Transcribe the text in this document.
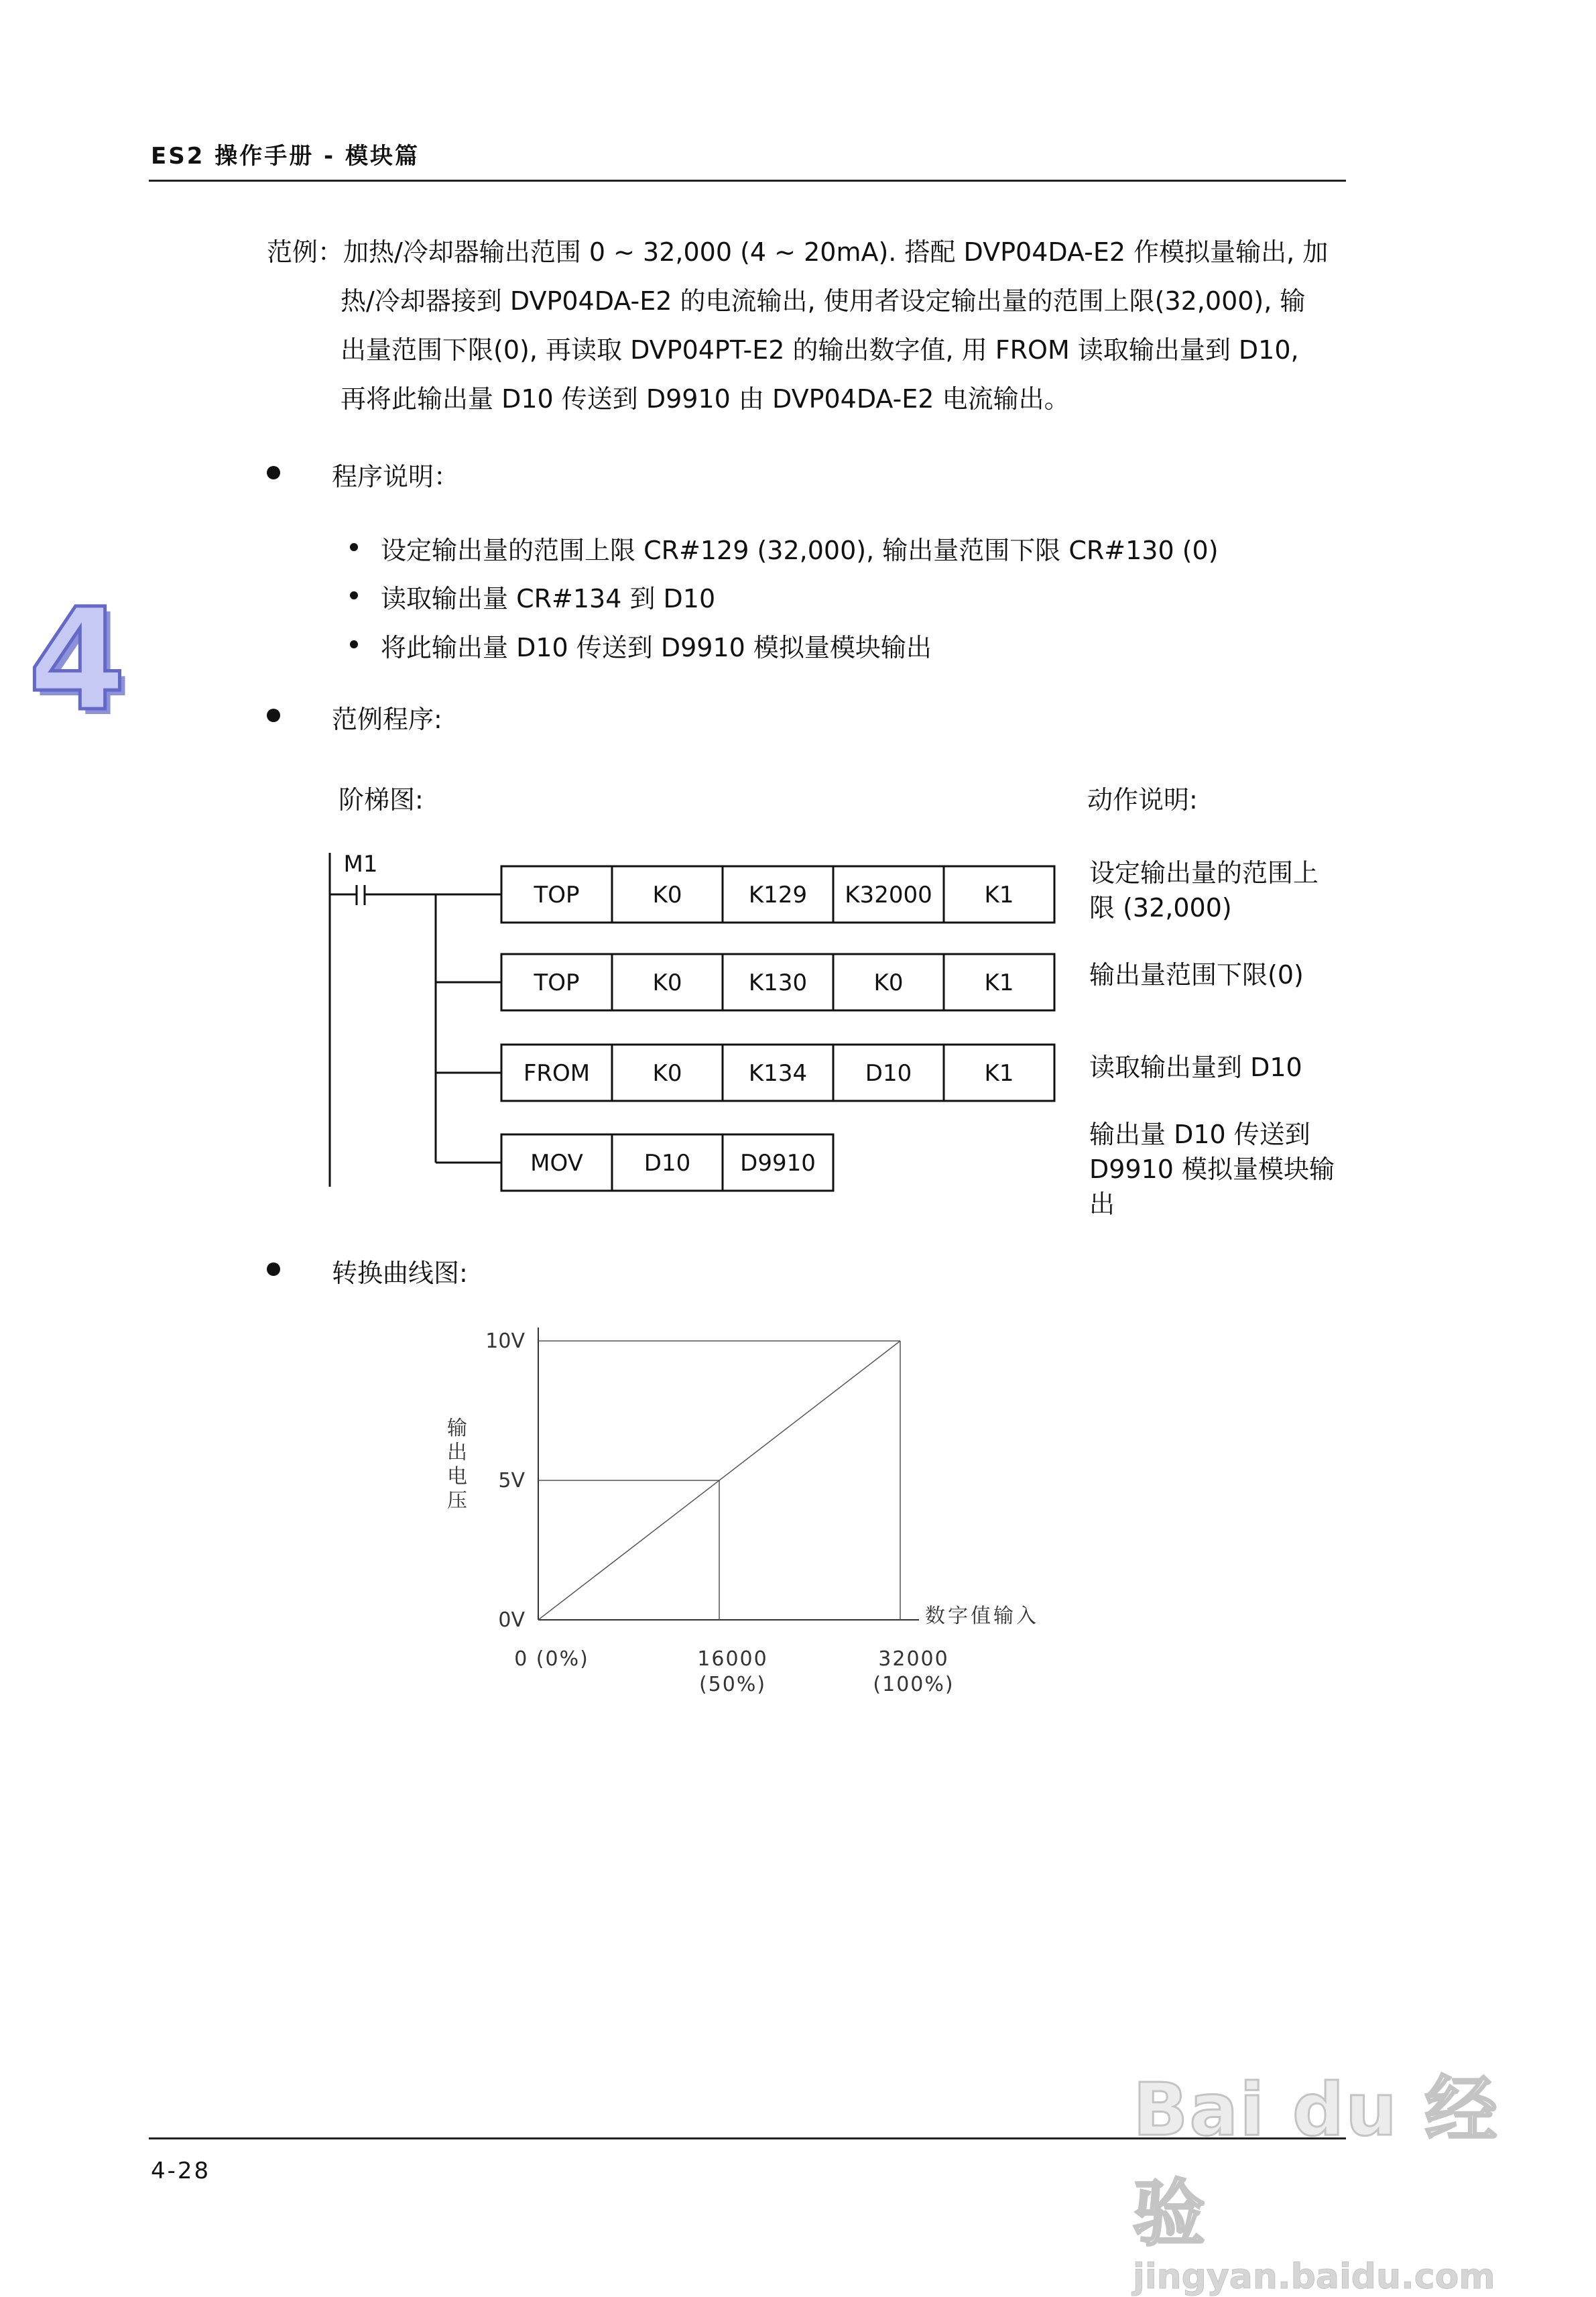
ES2 操作手册 - 模块篇
4
范例：加热/冷却器输出范围 0 ~ 32,000 (4 ~ 20mA). 搭配 DVP04DA-E2 作模拟量输出, 加
热/冷却器接到 DVP04DA-E2 的电流输出, 使用者设定输出量的范围上限(32,000), 输
出量范围下限(0), 再读取 DVP04PT-E2 的输出数字值, 用 FROM 读取输出量到 D10,
再将此输出量 D10 传送到 D9910 由 DVP04DA-E2 电流输出。
程序说明：
设定输出量的范围上限 CR#129 (32,000), 输出量范围下限 CR#130 (0)
读取输出量 CR#134 到 D10
将此输出量 D10 传送到 D9910 模拟量模块输出
范例程序:
阶梯图:	动作说明:
M1
TOP	K0	K129 K32000 K1
TOP	K0	K130	K0	K1
FROM	K0	K134	D10	K1
MOV	D10 D9910
设定输出量的范围上
限 (32,000)
输出量范围下限(0)
读取输出量到 D10
输出量 D10 传送到
D9910 模拟量模块输
出
转换曲线图:
0V
5V
10V
0 (0%)	16000
(50%)
32000
(100%)
输出电压
数字值输入
4-28
Bai du 经验
jingyan.baidu.com
